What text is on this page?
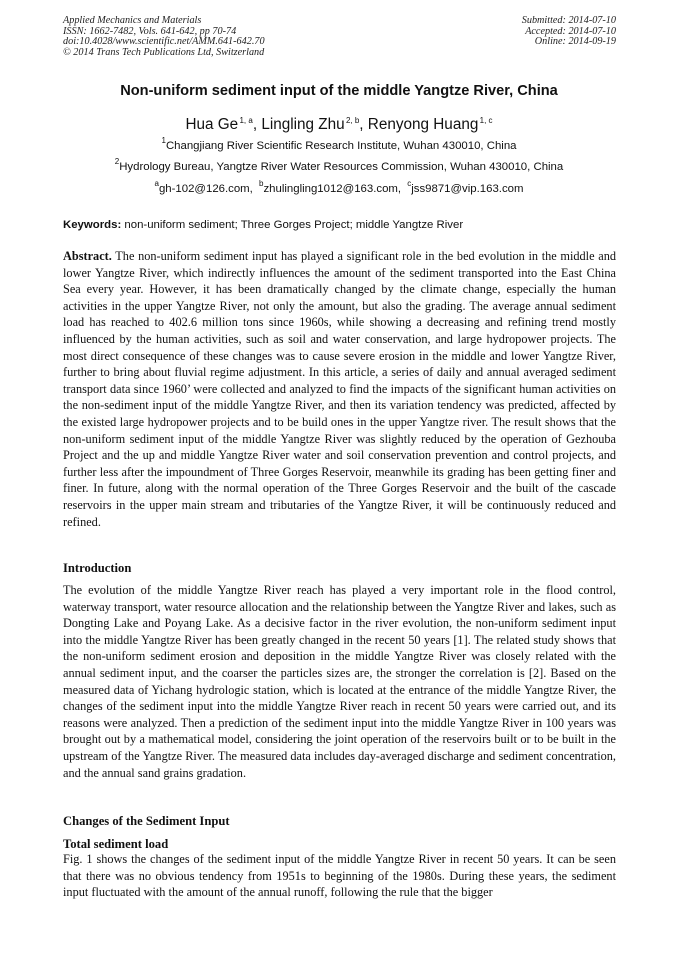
Applied Mechanics and Materials
ISSN: 1662-7482, Vols. 641-642, pp 70-74
doi:10.4028/www.scientific.net/AMM.641-642.70
© 2014 Trans Tech Publications Ltd, Switzerland
Submitted: 2014-07-10
Accepted: 2014-07-10
Online: 2014-09-19
Non-uniform sediment input of the middle Yangtze River, China
Hua Ge $^{1, a}$, Lingling Zhu $^{2, b}$, Renyong Huang $^{1, c}$
$^1$Changjiang River Scientific Research Institute, Wuhan 430010, China
$^2$Hydrology Bureau, Yangtze River Water Resources Commission, Wuhan 430010, China
$^a$gh-102@126.com, $^b$zhulingling1012@163.com, $^c$jss9871@vip.163.com
Keywords: non-uniform sediment; Three Gorges Project; middle Yangtze River
Abstract. The non-uniform sediment input has played a significant role in the bed evolution in the middle and lower Yangtze River, which indirectly influences the amount of the sediment transported into the East China Sea every year. However, it has been dramatically changed by the climate change, especially the human activities in the upper Yangtze River, not only the amount, but also the grading. The average annual sediment load has reached to 402.6 million tons since 1960s, while showing a decreasing and refining trend mostly influenced by the human activities, such as soil and water conservation, and large hydropower projects. The most direct consequence of these changes was to cause severe erosion in the middle and lower Yangtze River, further to bring about fluvial regime adjustment. In this article, a series of daily and annual averaged sediment transport data since 1960’ were collected and analyzed to find the impacts of the significant human activities on the non-sediment input of the middle Yangtze River, and then its variation tendency was predicted, affected by the existed large hydropower projects and to be build ones in the upper Yangtze river. The result shows that the non-uniform sediment input of the middle Yangtze River was slightly reduced by the operation of Gezhouba Project and the up and middle Yangtze River water and soil conservation prevention and control projects, and further less after the impoundment of Three Gorges Reservoir, meanwhile its grading has been getting finer and finer. In future, along with the normal operation of the Three Gorges Reservoir and the built of the cascade reservoirs in the upper main stream and tributaries of the Yangtze River, it will be continuously reduced and refined.
Introduction
The evolution of the middle Yangtze River reach has played a very important role in the flood control, waterway transport, water resource allocation and the relationship between the Yangtze River and lakes, such as Dongting Lake and Poyang Lake. As a decisive factor in the river evolution, the non-uniform sediment input into the middle Yangtze River has been greatly changed in the recent 50 years [1]. The related study shows that the non-uniform sediment erosion and deposition in the middle Yangtze River was closely related with the annual sediment input, and the coarser the particles sizes are, the stronger the correlation is [2]. Based on the measured data of Yichang hydrologic station, which is located at the entrance of the middle Yangtze River, the changes of the sediment input into the middle Yangtze River reach in recent 50 years were carried out, and its reasons were analyzed. Then a prediction of the sediment input into the middle Yangtze River in 100 years was brought out by a mathematical model, considering the joint operation of the reservoirs built or to be built in the upstream of the Yangtze River. The measured data includes day-averaged discharge and sediment concentration, and the annual sand grains gradation.
Changes of the Sediment Input
Total sediment load
Fig. 1 shows the changes of the sediment input of the middle Yangtze River in recent 50 years. It can be seen that there was no obvious tendency from 1951s to beginning of the 1980s. During these years, the sediment input fluctuated with the amount of the annual runoff, following the rule that the bigger
